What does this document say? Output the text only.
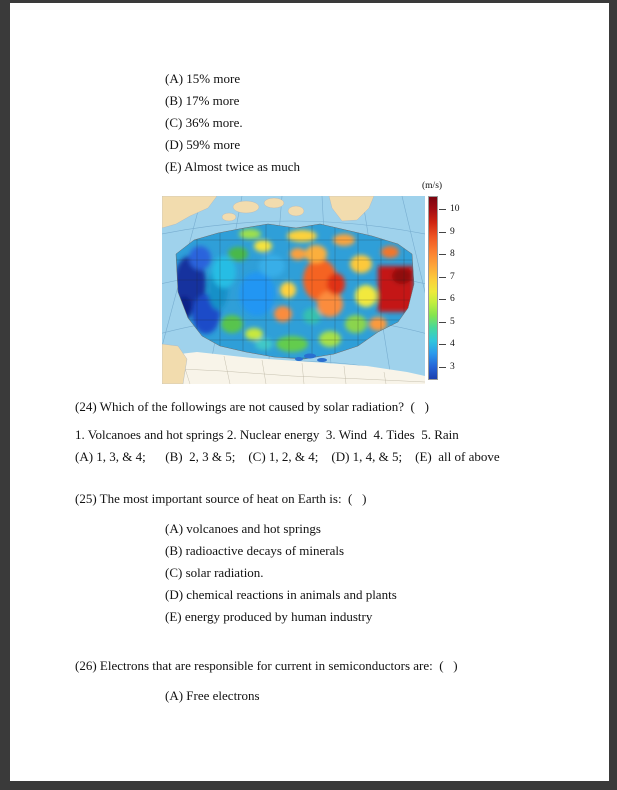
(A) 15% more
(B) 17% more
(C) 36% more.
(D) 59% more
(E) Almost twice as much
(m/s)
10
9
8
7
6
5
4
3
(24) Which of the followings are not caused by solar radiation?  (   )
1. Volcanoes and hot springs 2. Nuclear energy  3. Wind  4. Tides  5. Rain
(A) 1, 3, & 4;      (B)  2, 3 & 5;    (C) 1, 2, & 4;    (D) 1, 4, & 5;    (E)  all of above
(25) The most important source of heat on Earth is:  (   )
(A) volcanoes and hot springs
(B) radioactive decays of minerals
(C) solar radiation.
(D) chemical reactions in animals and plants
(E) energy produced by human industry
(26) Electrons that are responsible for current in semiconductors are:  (   )
(A) Free electrons
